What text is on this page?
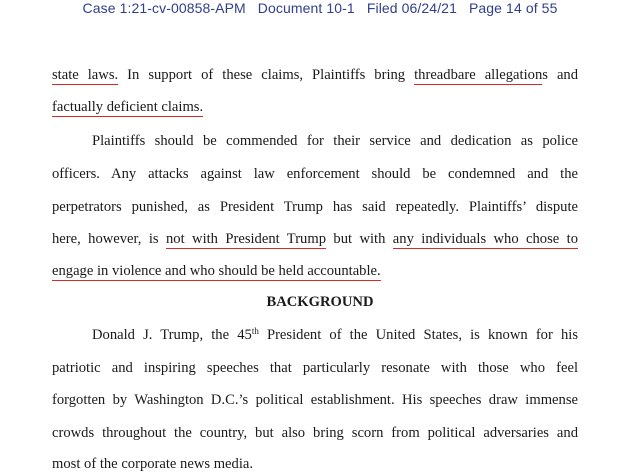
Case 1:21-cv-00858-APM Document 10-1 Filed 06/24/21 Page 14 of 55
state laws. In support of these claims, Plaintiffs bring threadbare allegations and
factually deficient claims.
Plaintiffs should be commended for their service and dedication as police
officers. Any attacks against law enforcement should be condemned and the
perpetrators punished, as President Trump has said repeatedly. Plaintiffs’ dispute
here, however, is not with President Trump but with any individuals who chose to
engage in violence and who should be held accountable.
BACKGROUND
Donald J. Trump, the 45th President of the United States, is known for his
patriotic and inspiring speeches that particularly resonate with those who feel
forgotten by Washington D.C.’s political establishment. His speeches draw immense
crowds throughout the country, but also bring scorn from political adversaries and
most of the corporate news media.
